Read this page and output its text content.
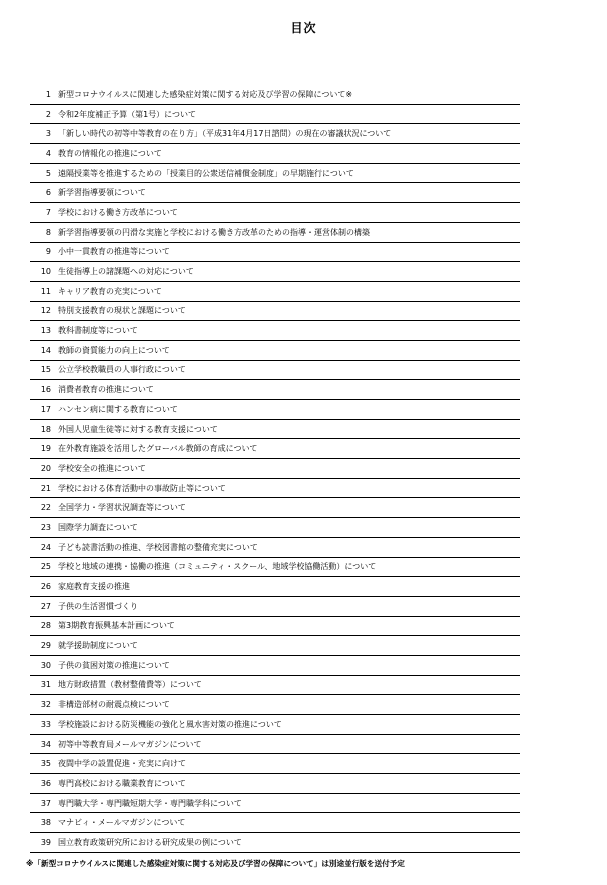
目次
1 新型コロナウイルスに関連した感染症対策に関する対応及び学習の保障について※
2 令和2年度補正予算（第1号）について
3 「新しい時代の初等中等教育の在り方」（平成31年4月17日諮問）の現在の審議状況について
4 教育の情報化の推進について
5 遠隔授業等を推進するための「授業目的公衆送信補償金制度」の早期施行について
6 新学習指導要領について
7 学校における働き方改革について
8 新学習指導要領の円滑な実施と学校における働き方改革のための指導・運営体制の構築
9 小中一貫教育の推進等について
10 生徒指導上の諸課題への対応について
11 キャリア教育の充実について
12 特別支援教育の現状と課題について
13 教科書制度等について
14 教師の資質能力の向上について
15 公立学校教職員の人事行政について
16 消費者教育の推進について
17 ハンセン病に関する教育について
18 外国人児童生徒等に対する教育支援について
19 在外教育施設を活用したグローバル教師の育成について
20 学校安全の推進について
21 学校における体育活動中の事故防止等について
22 全国学力・学習状況調査等について
23 国際学力調査について
24 子ども読書活動の推進、学校図書館の整備充実について
25 学校と地域の連携・協働の推進（コミュニティ・スクール、地域学校協働活動）について
26 家庭教育支援の推進
27 子供の生活習慣づくり
28 第3期教育振興基本計画について
29 就学援助制度について
30 子供の貧困対策の推進について
31 地方財政措置（教材整備費等）について
32 非構造部材の耐震点検について
33 学校施設における防災機能の強化と風水害対策の推進について
34 初等中等教育局メールマガジンについて
35 夜間中学の設置促進・充実に向けて
36 専門高校における職業教育について
37 専門職大学・専門職短期大学・専門職学科について
38 マナビィ・メールマガジンについて
39 国立教育政策研究所における研究成果の例について
※「新型コロナウイルスに関連した感染症対策に関する対応及び学習の保障について」は別途並行版を送付予定
